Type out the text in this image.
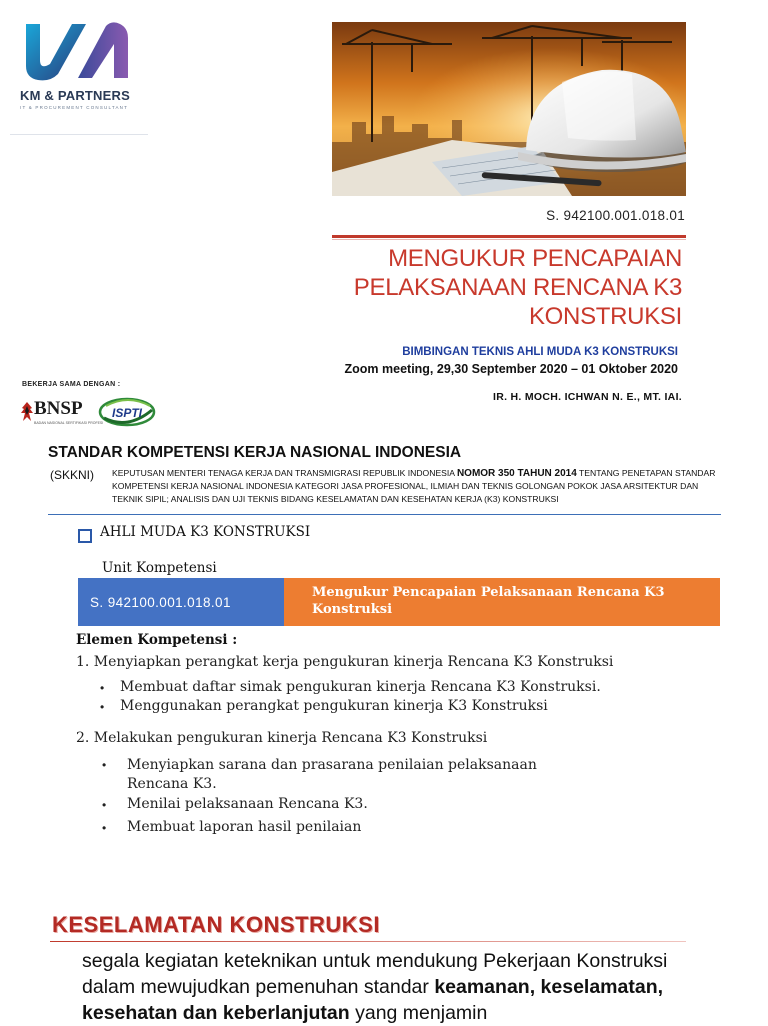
KM & PARTNERS
IT & PROCUREMENT CONSULTANT
S. 942100.001.018.01
MENGUKUR PENCAPAIAN
PELAKSANAAN RENCANA K3
KONSTRUKSI
BIMBINGAN TEKNIS AHLI MUDA K3 KONSTRUKSI
Zoom meeting, 29,30 September 2020 – 01 Oktober 2020
IR. H. MOCH. ICHWAN N. E., MT. IAI.
BEKERJA SAMA DENGAN :
BNSP
BADAN NASIONAL SERTIFIKASI PROFESI
ISPTI
STANDAR KOMPETENSI KERJA NASIONAL INDONESIA
(SKKNI) KEPUTUSAN MENTERI TENAGA KERJA DAN TRANSMIGRASI REPUBLIK INDONESIA NOMOR 350 TAHUN 2014 TENTANG PENETAPAN STANDAR KOMPETENSI KERJA NASIONAL INDONESIA KATEGORI JASA PROFESIONAL, ILMIAH DAN TEKNIS GOLONGAN POKOK JASA ARSITEKTUR DAN TEKNIK SIPIL; ANALISIS DAN UJI TEKNIS BIDANG KESELAMATAN DAN KESEHATAN KERJA (K3) KONSTRUKSI
AHLI MUDA K3 KONSTRUKSI
Unit Kompetensi
S. 942100.001.018.01
Mengukur Pencapaian Pelaksanaan Rencana K3 Konstruksi
Elemen Kompetensi :
1. Menyiapkan perangkat kerja pengukuran kinerja Rencana K3 Konstruksi
• Membuat daftar simak pengukuran kinerja Rencana K3 Konstruksi.
• Menggunakan perangkat pengukuran kinerja K3 Konstruksi
2. Melakukan pengukuran kinerja Rencana K3 Konstruksi
• Menyiapkan sarana dan prasarana penilaian pelaksanaan Rencana K3.
• Menilai pelaksanaan Rencana K3.
• Membuat laporan hasil penilaian
KESELAMATAN KONSTRUKSI
segala kegiatan keteknikan untuk mendukung Pekerjaan Konstruksi dalam mewujudkan pemenuhan standar keamanan, keselamatan, kesehatan dan keberlanjutan yang menjamin
